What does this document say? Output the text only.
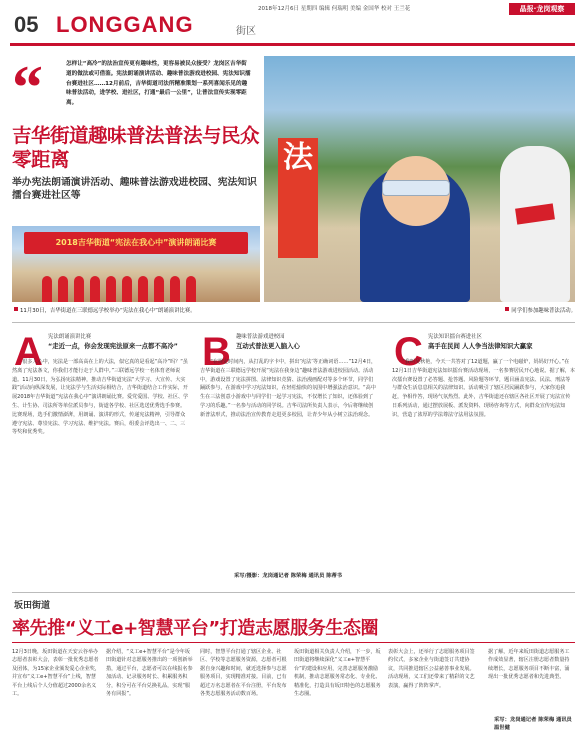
05 LONGGANG	街区
2018年12月6日 星期四 编辑 何瑞明 美编 金国华 校对 王兰花	晶报·龙岗观察
“	怎样让“高冷”的法治宣传更有趣味性，更容易被民众接受？龙岗区吉华街道的做法或可借鉴。宪法朗诵演讲活动、趣味普法游戏进校园、宪法知识擂台赛进社区……12月前后，吉华街道司法所精准策划一系列喜闻乐见的趣味普法活动，进学校、进社区，打通“最后一公里”，让普法宣传实现零距离。

吉华街道趣味普法普法与民众零距离

举办宪法朗诵演讲活动、趣味普法游戏进校园、宪法知识擂台赛进社区等

2018吉华街道“宪法在我心中”演讲朗诵比赛
法
11月30日，吉华街道在三联德远学校举办“宪法在我心中”朗诵演讲比赛。	同学们参加趣味普法活动。
A 宪法朗诵演讲比赛
“走近一点，你会发现宪法原来一点都不高冷”

很多人心中，宪法是一部高高在上的大法，似它真的是看起“高冷”吗？“虽然离了宪法条文，你我们才能行走于人群中。”三联德远学校一名体育老师说道。11月30日，为弘扬宪法精神，推动吉华街道宪法“大学习、大宣传、大实践”活动向纵深发展，让宪法学与生活实际相结合，吉华街道结合工作实际，开展2018年吉华街道“宪法在我心中”演讲朗诵比赛。爱党爱国、学校、社区、学生、计生协、司法所等单位派员参与，街道各学校、社区选送优秀选手参赛。比赛现场，选手们激情澎湃，用朗诵、演讲的形式，传递宪法精神，引导群众遵守宪法、尊崇宪法、学习宪法、维护宪法。赛后，组委会评选出一、二、三等奖和优秀奖。

B 趣味普法游戏进校园
互动式普法更入脑入心

“在规定时间内，从打乱的字卡中，拼出‘宪法’等正确词语……”12月4日，吉华街道在三联德远学校开展“宪法在我身边”趣味普法游戏进校园活动。活动中，游戏设置了宪法拼图、法律知识竞猜、法治漫画配对等多个环节，同学们踊跃参与，在游戏中学习宪法知识，在轻松愉快的氛围中增强法治意识。“高中生在三法创意小游戏中与同学们一起学习宪法，不仅增长了知识，还体验到了学习的乐趣。”一名参与活动的同学说。吉华司法所负责人表示，今后将继续创新普法形式，推动法治宣传教育走进更多校园，让青少年从小树立法治观念。

C 宪法知识擂台赛进社区
高手在民间 人人争当法律知识大赢家

“我叫吴秋艳，今天一共答对了12道题，赢了一个电磁炉，妈妈好开心。”在12月1日吉华街道宪法知识擂台赛活动现场，一名参赛居民开心地说。据了解，本次擂台赛设置了必答题、抢答题、风险题等环节，题目涵盖宪法、民法、刑法等与群众生活息息相关的法律知识。活动吸引了辖区居民踊跃参与，大家你追我赶，争相作答，现场气氛热烈。此外，吉华街道还在辖区各社区开展了宪法宣传日系列活动，通过摆放展板、派发资料、现场咨询等方式，向群众宣传宪法知识，营造了浓厚的学法尊法守法用法氛围。

采写/摄影：龙岗通记者 陈荣梅 通讯员 陈蒂书
坂田街道
率先推“义工e+智慧平台”打造志愿服务生态圈

12月3日晚，坂田街道在天安云谷举办志愿者表彰大会，表彰一批优秀志愿者及团体，为15家企业颁发爱心企业奖，并宣布“义工e+智慧平台”上线，智慧平台上线后个人分值超过2000余名义工。

据介绍，“义工e+智慧平台”是今年坂田街道针对志愿服务推出的一项创新举措，通过平台，志愿者可以在线报名参加活动、记录服务时长、积累服务积分，积分可在平台兑换礼品，实现“服务有回报”。

同时，智慧平台打通了辖区企业、社区、学校等志愿服务资源，志愿者可根据自身兴趣和时间，就近选择参与志愿服务项目，实现精准对接。目前，已有超过万名志愿者在平台注册，平台发布各类志愿服务活动数百场。

坂田街道相关负责人介绍，下一步，坂田街道将继续深化“义工e+智慧平台”的建设和应用，完善志愿服务激励机制，推动志愿服务常态化、专业化、精准化，打造具有坂田特色的志愿服务生态圈。

表彰大会上，还举行了志愿服务项目签约仪式，多家企业与街道签订共建协议，共同推进辖区公益慈善事业发展。活动现场，义工们还带来了精彩的文艺表演，赢得了阵阵掌声。

据了解，近年来坂田街道志愿服务工作成效显著，辖区注册志愿者数量持续增长，志愿服务项目不断丰富，涌现出一批优秀志愿者和先进典型。

采写：龙岗通记者 陈荣梅 通讯员 温世健
